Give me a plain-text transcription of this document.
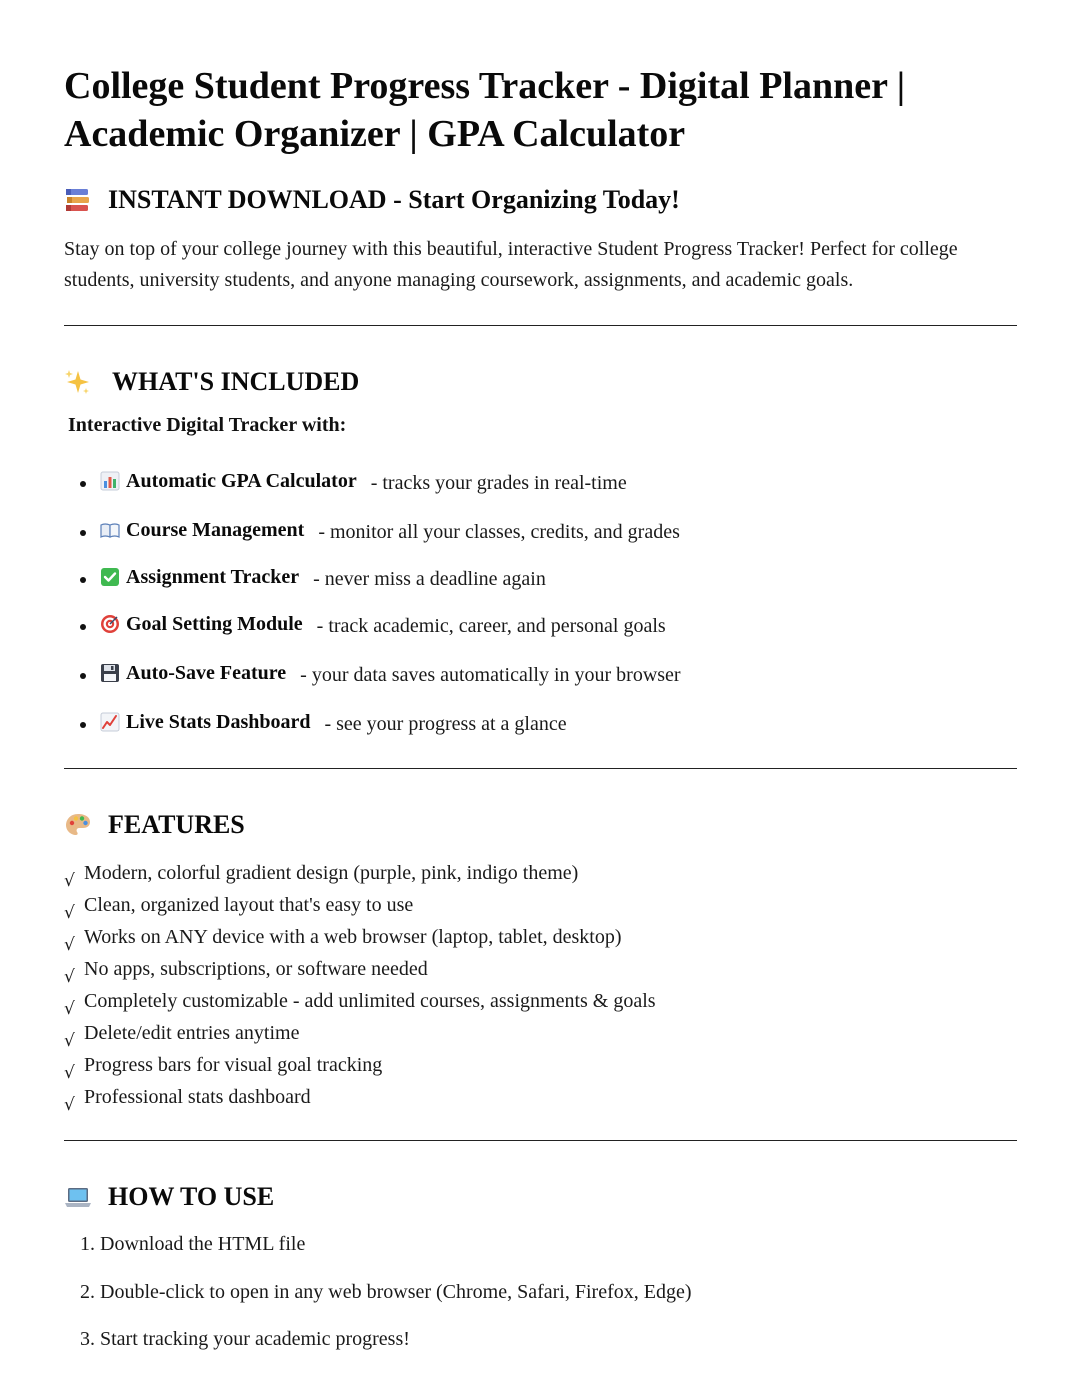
College Student Progress Tracker - Digital Planner | Academic Organizer | GPA Calculator
INSTANT DOWNLOAD - Start Organizing Today!

Stay on top of your college journey with this beautiful, interactive Student Progress Tracker! Perfect for college students, university students, and anyone managing coursework, assignments, and academic goals.

WHAT'S INCLUDED
Interactive Digital Tracker with:
Automatic GPA Calculator - tracks your grades in real-time
Course Management - monitor all your classes, credits, and grades
Assignment Tracker - never miss a deadline again
Goal Setting Module - track academic, career, and personal goals
Auto-Save Feature - your data saves automatically in your browser
Live Stats Dashboard - see your progress at a glance
FEATURES
√ Modern, colorful gradient design (purple, pink, indigo theme)
√ Clean, organized layout that's easy to use
√ Works on ANY device with a web browser (laptop, tablet, desktop)
√ No apps, subscriptions, or software needed
√ Completely customizable - add unlimited courses, assignments & goals
√ Delete/edit entries anytime
√ Progress bars for visual goal tracking
√ Professional stats dashboard
HOW TO USE
1. Download the HTML file
2. Double-click to open in any web browser (Chrome, Safari, Firefox, Edge)
3. Start tracking your academic progress!
